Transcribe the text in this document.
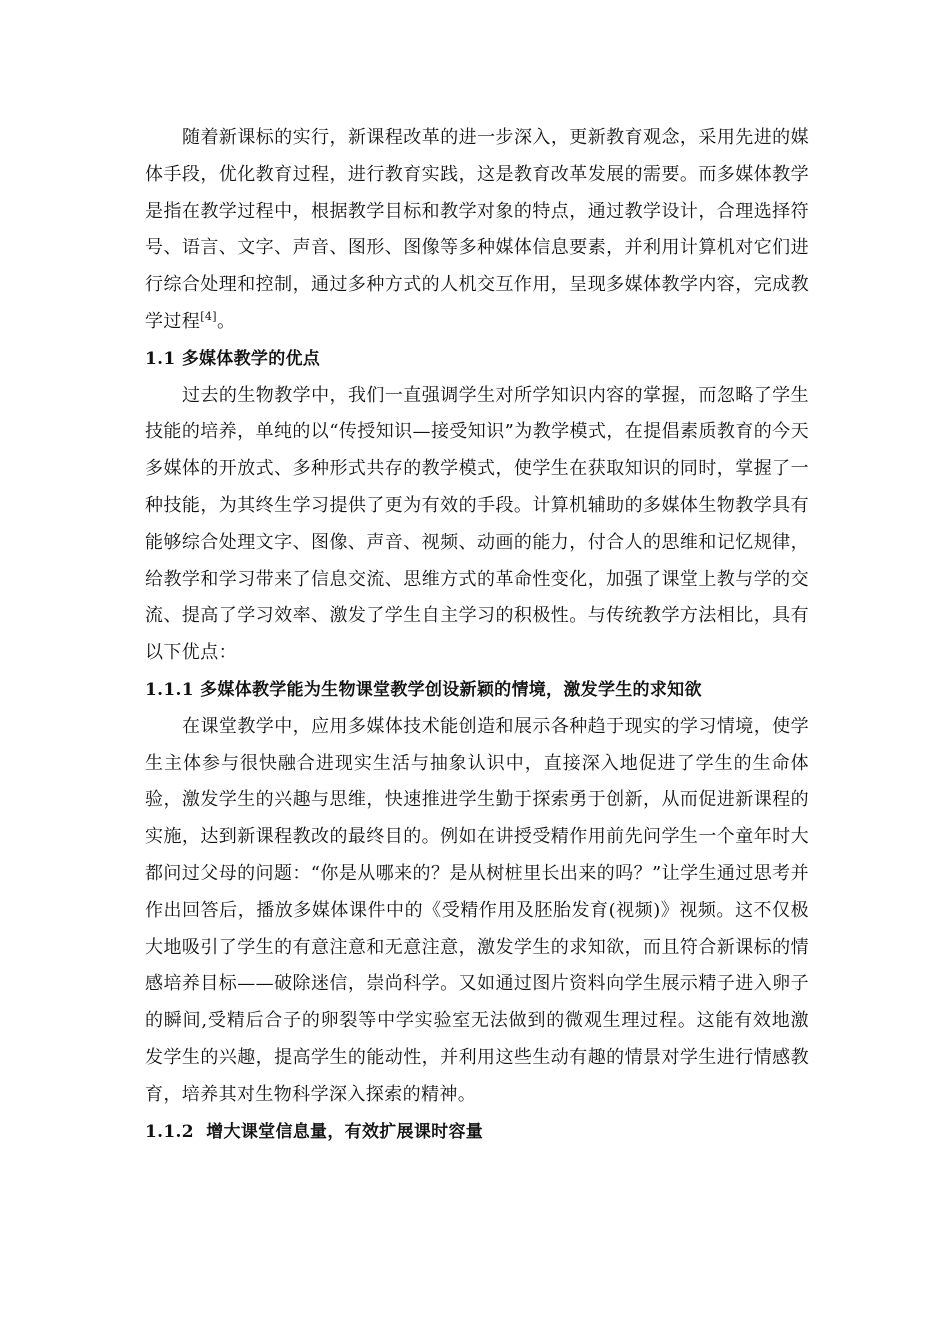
随着新课标的实行，新课程改革的进一步深入，更新教育观念，采用先进的媒体手段，优化教育过程，进行教育实践，这是教育改革发展的需要。而多媒体教学是指在教学过程中，根据教学目标和教学对象的特点，通过教学设计，合理选择符号、语言、文字、声音、图形、图像等多种媒体信息要素，并利用计算机对它们进行综合处理和控制，通过多种方式的人机交互作用，呈现多媒体教学内容，完成教学过程[4]。

1.1 多媒体教学的优点

过去的生物教学中，我们一直强调学生对所学知识内容的掌握，而忽略了学生技能的培养，单纯的以“传授知识—接受知识”为教学模式，在提倡素质教育的今天多媒体的开放式、多种形式共存的教学模式，使学生在获取知识的同时，掌握了一种技能，为其终生学习提供了更为有效的手段。计算机辅助的多媒体生物教学具有能够综合处理文字、图像、声音、视频、动画的能力，付合人的思维和记忆规律，给教学和学习带来了信息交流、思维方式的革命性变化，加强了课堂上教与学的交流、提高了学习效率、激发了学生自主学习的积极性。与传统教学方法相比，具有以下优点：

1.1.1 多媒体教学能为生物课堂教学创设新颖的情境，激发学生的求知欲

在课堂教学中，应用多媒体技术能创造和展示各种趋于现实的学习情境，使学生主体参与很快融合进现实生活与抽象认识中，直接深入地促进了学生的生命体验，激发学生的兴趣与思维，快速推进学生勤于探索勇于创新，从而促进新课程的实施，达到新课程教改的最终目的。例如在讲授受精作用前先问学生一个童年时大都问过父母的问题：“你是从哪来的？是从树桩里长出来的吗？”让学生通过思考并作出回答后，播放多媒体课件中的《受精作用及胚胎发育(视频)》视频。这不仅极大地吸引了学生的有意注意和无意注意，激发学生的求知欲，而且符合新课标的情感培养目标——破除迷信，崇尚科学。又如通过图片资料向学生展示精子进入卵子的瞬间,受精后合子的卵裂等中学实验室无法做到的微观生理过程。这能有效地激发学生的兴趣，提高学生的能动性，并利用这些生动有趣的情景对学生进行情感教育，培养其对生物科学深入探索的精神。

1.1.2  增大课堂信息量，有效扩展课时容量
